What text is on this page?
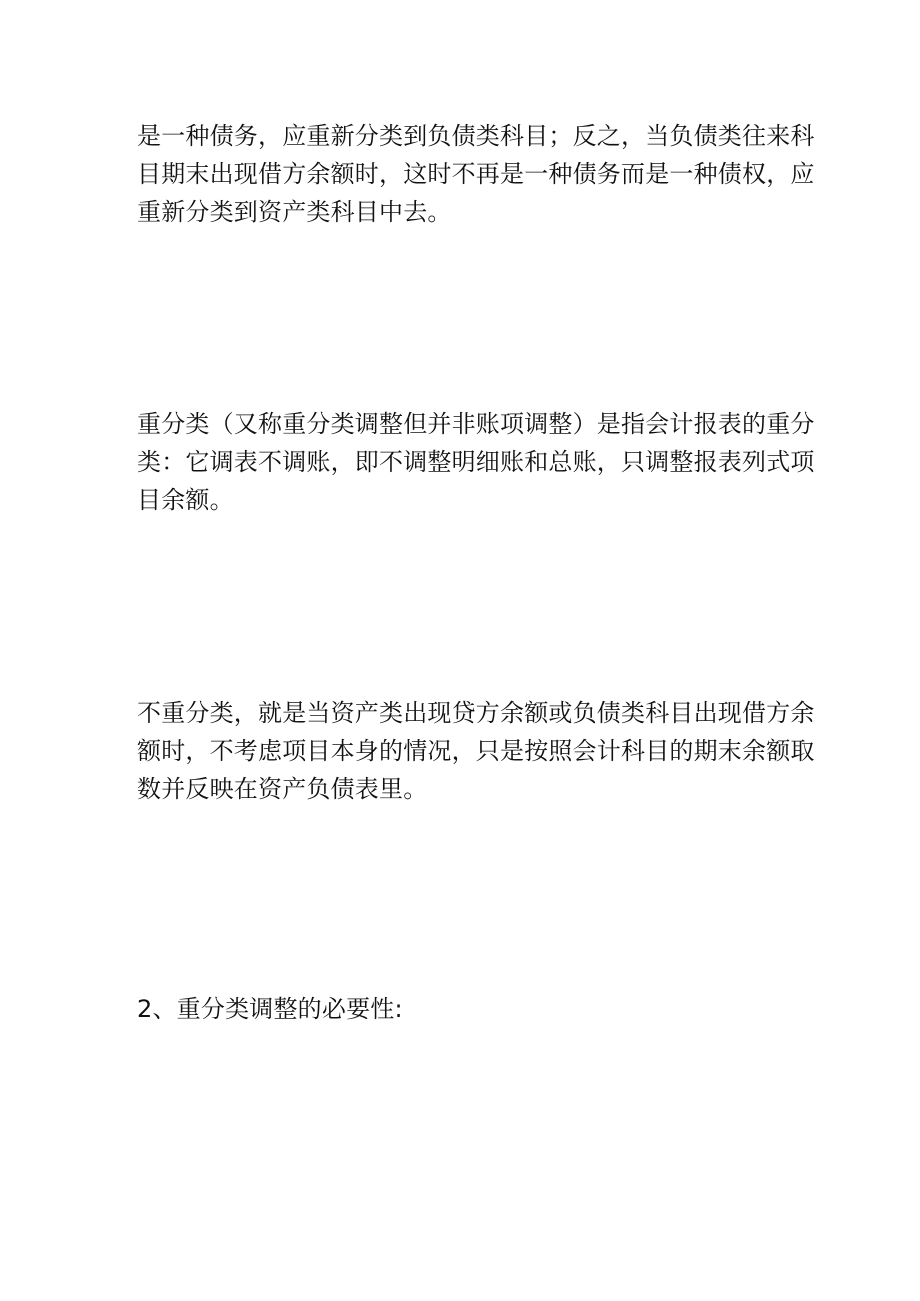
是一种债务，应重新分类到负债类科目；反之，当负债类往来科
目期末出现借方余额时，这时不再是一种债务而是一种债权，应
重新分类到资产类科目中去。

重分类（又称重分类调整但并非账项调整）是指会计报表的重分
类：它调表不调账，即不调整明细账和总账，只调整报表列式项
目余额。

不重分类，就是当资产类出现贷方余额或负债类科目出现借方余
额时，不考虑项目本身的情况，只是按照会计科目的期末余额取
数并反映在资产负债表里。

2、重分类调整的必要性:
